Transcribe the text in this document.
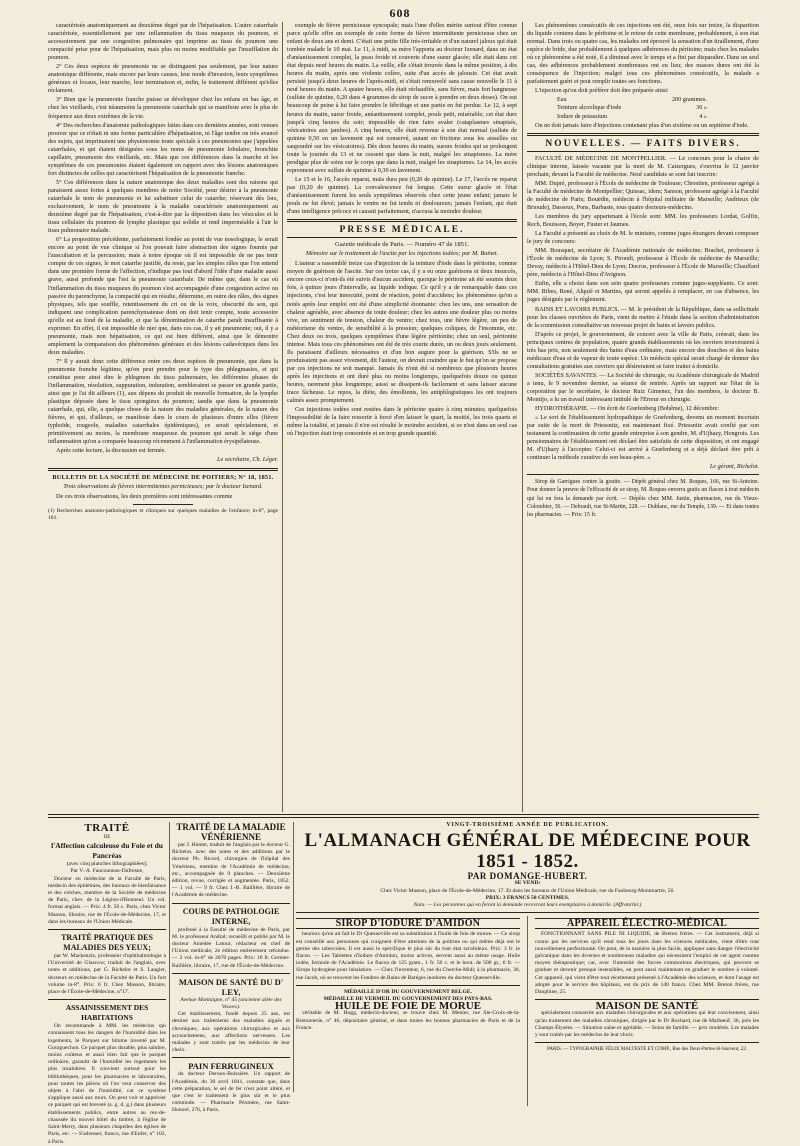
608

caractérisée anatomiquement au deuxième degré par de l'hépatisation. L'autre catarrhale caractérisée, essentiellement par une inflammation du tissu muqueux du poumon, et accessoirement par une congestion pulmonaire qui imprime au tissu du poumon une compacité prise pour de l'hépatisation, mais plus ou moins modifiable par l'insufflation du poumon.

2° Ces deux espèces de pneumonie ne se distinguent pas seulement, par leur nature anatomique différente, mais encore par leurs causes, leur mode d'invasion, leurs symptômes généraux et locaux, leur marche, leur terminaison et, enfin, le traitement différent qu'elles réclament.

3° Bien que la pneumonie franche puisse se développer chez les enfans en bas âge, et chez les vieillards, c'est néanmoins la pneumonie catarrhale qui se manifeste avec le plus de fréquence aux deux extrêmes de la vie.

4° Des recherches d'anatomie pathologiques faites dans ces dernières années, sont venues prouver que ce n'était ni une forme particulière d'hépatisation, ni l'âge tendre on très avancé des sujets, qui imprimaient une physionomie toute spéciale à ces pneumonies que j'appelées catarrhales, et qui étaient désignées sous les noms de pneumonie lobulaire, bronchite capillaire, pneumonie des vieillards, etc. Mais que ces différences dans la marche et les symptômes de ces pneumonies étaient également en rapport avec des lésions anatomiques fort distinctes de celles qui caractérisent l'hépatisation de la pneumonie franche.

5° Ces différences dans la nature anatomique des deux maladies sont des raisons qui paraissent assez fortes à quelques membres de notre Société, pour désirer à la pneumonie catarrhale le nom de pneumonie et lui substituer celui de catarrhe; réservant dès lors, exclusivement, le nom de pneumonie à la maladie caractérisée anatomiquement au deuxième degré par de l'hépatisation, c'est-à-dire par la déposition dans les vésicules et le tissu cellulaire du poumon de lymphe plastique qui solidie et rend imperméable à l'air le tissu pulmonaire malade.

6° La proposition précédente, parfaitement fondée au point de vue nosologique, le serait encore au point de vue clinique si l'on pouvait faire abstraction des signes fournis par l'auscultation et la percussion; mais à notre époque où il est impossible de ne pas tenir compte de ces signes, le mot catarrhe justifié, du reste, par les simples râles que l'on entend dans une première forme de l'affection, n'indique pas tout d'abord l'idée d'une maladie aussi grave, aussi profonde que l'est la pneumonie catarrhale. De même que, dans le cas où l'inflammation du tissu muqueux du poumon s'est accompagnée d'une congestion active ou passive du parenchyme, la compacité qui en résulte, détermine, en outre des râles, des signes physiques, tels que souffle, retentissement du cri ou de la voix, obscurité du son, qui indiquent une complication parenchymateuse dont on doit tenir compte, toute accessoire qu'elle est au fond de la maladie, et que la dénomination de catarrhe paraît insuffisante à exprimer. En effet, il est impossible de nier que, dans ces cas, il y ait pneumonie; oui, il y a pneumonie, mais non hépatisation, ce qui est bien différent, ainsi que le démontre amplement la comparaison des phénomènes généraux et des lésions cadavériques dans les deux maladies.

7° Il y aurait donc cette différence entre ces deux espèces de pneumonie, que dans la pneumonie franche légitime, qu'on peut prendre pour le type des phlegmasies, et qui constitue pour ainsi dire le phlegmon du tissu pulmonaire, les différentes phases de l'inflammation, résolution, suppuration, induration, sembleraient se passer en grande partie, ainsi que je l'ai dit ailleurs (1), aux dépens du produit de nouvelle formation, de la lymphe plastique déposée dans le tissu spongieux du poumon; tandis que dans la pneumonie catarrhale, qui, elle, a quelque chose de la nature des maladies générales, de la nature des fièvres, et qui, d'ailleurs, se manifeste dans le cours de plusieurs d'entre elles (fièvre typhoïde, rougeole, maladies catarrhales épidémiques), ce serait spécialement, et primitivement au moins, la membrane muqueuse du poumon qui serait le siège d'une inflammation qu'on a comparée beaucoup récemment à l'inflammation érysipélateuse.

Après cette lecture, la discussion est fermée.

Le secrétaire, Ch. Léger.
BULLETIN DE LA SOCIÉTÉ DE MÉDECINE DE POITIERS; N° 18, 1851.
Trois observations de fièvres intermittentes pernicieuses; par le docteur Izenard.

De ces trois observations, les deux premières sont intéressantes comme

(1) Recherches anatomo-pathologiques et cliniques sur quelques maladies de l'enfance; in-8°, page 181.

exemple de fièvre pernicieuse syncopale; mais l'une d'elles mérite surtout d'être connue parce qu'elle offre un exemple de cette forme de fièvre intermittente pernicieuse chez un enfant de deux ans et demi. C'était une petite fille très-irritable et d'un naturel jaloux qui était tombée malade le 10 mai. Le 11, à midi, sa mère l'apporta au docteur Izenard, dans un état d'anéantissement complet, la peau froide et couverte d'une sueur glacée; elle était dans cet état depuis neuf heures du matin. La veille, elle s'était trouvée dans la même position, à dix heures du matin, après une violente colère, suite d'un accès de jalousie. Cet état avait persisté jusqu'à deux heures de l'après-midi, et s'était renouvelé sans cause nouvelle le 11 à neuf heures du matin. A quatre heures, elle était réchauffée, sans fièvre, mais fort hargneuse (sulfate de quinine, 0,20 dans 4 grammes de sirop de sucre à prendre en deux doses). On eut beaucoup de peine à lui faire prendre le fébrifuge et une partie en fut perdue. Le 12, à sept heures du matin, sueur froide, anéantissement complet, pouls petit, misérable; cet état dure jusqu'à cinq heures du soir; impossible de rien faire avaler (cataplasmes sinapisés, vésicatoires aux jambes). A cinq heures, elle était revenue à son état normal (sulfate de quinine 0,50 en un lavement qui est conservé, autant en frictions sous les aisselles ou saupoudré sur les vésicatoires). Dès deux heures du matin, sueurs froides qui se prolongent toute la journée du 13 et ne cessent que dans la nuit, malgré les sinapismes. La mère prodigue plus de soins sur le corps que dans la nuit, malgré les sinapismes. Le 14, les accès reprennent avec sulfate de quinine à 0,30 en lavement.

Le 15 et le 16, l'accès reparut, mais dura peu (0,20 de quinine). Le 17, l'accès ne reparut pas (0,20 de quinine). La convalescence fut longue. Cette sueur glacée et l'état d'anéantissement furent les seuls symptômes observés chez cette jeune enfant; jamais le pouls ne fut élevé; jamais le ventre ne fut tendu ni douloureux; jamais l'enfant, qui était d'une intelligence précoce et causait parfaitement, n'accusa la moindre douleur.

PRESSE MÉDICALE.
Gazette médicale de Paris. — Numéro 47 de 1851.
Mémoire sur le traitement de l'ascite par les injections iodées; par M. Boinet.

L'auteur a rassemblé treize cas d'injection de la teinture d'iode dans le péritoine, comme moyen de guérison de l'ascite. Sur ces treize cas, il y a eu onze guérisons et deux insuccès, encore ceux-ci n'ont-ils été suivis d'aucun accident, quoique le péritoine ait été soumis deux fois, à quinze jours d'intervalle, au liquide iodique. Ce qu'il y a de remarquable dans ces injections, c'est leur innocuité, point de réaction, point d'accidens; les phénomènes qu'on a notés après leur emploi ont été d'une simplicité étonnante: chez les uns, une sensation de chaleur agréable, avec absence de toute douleur; chez les autres une douleur plus ou moins vive, un sentiment de tension, chaleur du ventre; chez tous, une fièvre légère, un peu de météorisme du ventre, de sensibilité à la pression; quelques coliques, de l'insomnie, etc. Chez deux ou trois, quelques symptômes d'une légère péritonite; chez un seul, péritonite intense. Mais tous ces phénomènes ont été de très courte durée, un ou deux jours seulement. Ils paraissent d'ailleurs nécessaires et d'un bon augure pour la guérison. S'ils ne se produisaient pas assez vivement, dit l'auteur, on devrait craindre que le but qu'on se propose par ces injections ne soit manqué. Jamais ils n'ont été si nombreux que plusieurs heures après les injections et ont duré plus ou moins longtemps, quelquefois douze ou quinze heures, rarement plus longtemps; aussi se dissipent-ils facilement et sans laisser aucune trace fâcheuse. Le repos, la diète, des émollients, les antiphlogistiques les ont toujours calmés assez promptement.

Ces injections iodées sont restées dans le péritoine quatre à cinq minutes; quelquefois l'impossibilité de la faire ressortir à forcé d'en laisser le quart, la moitié, les trois quarts et même la totalité, et jamais il n'en est résulté le moindre accident, si ce n'est dans un seul cas où l'injection était trop concentrée et en trop grande quantité.

Les phénomènes consécutifs de ces injections ont été, onze fois sur treize, la disparition du liquide contenu dans le péritoine et le retour de cette membrane, probablement, à son état normal. Dans trois ou quatre cas, les malades ont éprouvé la sensation d'un tiraillement, d'une espèce de bride, due probablement à quelques adhérences du péritoine; mais chez les malades où ce phénomène a été noté, il a diminué avec le temps et a fini par disparaître. Dans un seul cas, des adhérences probablement nombreuses ont eu lieu; des masses dures ont été la conséquence de l'injection; malgré tous ces phénomènes consécutifs, la malade a parfaitement guéri et peut remplir toutes ses fonctions.

L'injection qu'on doit préférer doit être préparée ainsi:

Eau	200 grammes.
Teinture alcoolique d'iode	30 »
Iodure de potassium	4 »

On ne doit jamais faire d'injections contenant plus d'un sixième ou un septième d'iode.

NOUVELLES. — FAITS DIVERS.

FACULTÉ DE MÉDECINE DE MONTPELLIER. — Le concours pour la chaire de clinique interne, laissée vacante par la mort de M. Caizergues, s'ouvrira le 12 janvier prochain, devant la Faculté de médecine. Neuf candidats se sont fait inscrire:

MM. Dupré, professeur à l'École de médecine de Toulouse; Chrestien, professeur agrégé à la Faculté de médecine de Montpellier; Quissac, idem; Sanson, professeur agrégé à la Faculté de médecine de Paris; Bouëdin, médecin à l'hôpital militaire de Marseille; Andrieux (de Brioude), Dassoux, Pons, Barbaste, tous quatre docteurs-médecins.

Les membres du jury appartenant à l'école sont: MM. les professeurs Lordat, Golfin, Rech, Bouisson, Boyer, Fuster et Jaumes.

La Faculté a présenté au choix de M. le ministre, comme juges étrangers devant composer le jury de concours:

MM. Bousquet, secrétaire de l'Académie nationale de médecine; Brachet, professeur à l'École de médecine de Lyon; S. Pirondi, professeur à l'École de médecine de Marseille; Devay, médecin à l'Hôtel-Dieu de Lyon; Ducros, professeur à l'École de Marseille; Chauffard père, médecin à l'Hôtel-Dieu d'Avignon.

Enfin, elle a choisi dans son sein quatre professeurs comme juges-suppléants. Ce sont: MM. Ribes, René, Alquié et Martins, qui seront appelés à remplacer, en cas d'absence, les juges désignés par le règlement.

BAINS ET LAVOIRS PUBLICS. — M. le président de la République, dans sa sollicitude pour les classes ouvrières de Paris, vient de mettre à l'étude dans la section d'administration de la commission consultative un nouveau projet de bains et lavoirs publics.

D'après ce projet, le gouvernement, de concert avec la ville de Paris, créerait, dans les principaux centres de population, quatre grands établissements où les ouvriers trouveraient à très bas prix, non seulement des bains d'eau ordinaire, mais encore des douches et des bains médicaux d'eau et de vapeur de toute espèce. Un médecin spécial serait chargé de donner des consultations gratuites aux ouvriers qui désireraient se faire traiter à domicile.

SOCIÉTÉS SAVANTES. — La Société de chirurgie, ou Académie chirurgicale de Madrid a tenu, le 9 novembre dernier, sa séance de rentrée. Après un rapport sur l'état de la corporation par le secrétaire, le docteur Ruiz Gimenez, l'un des membres, le docteur B. Montijo, a lu un travail intéressant intitulé de l'Erreur en chirurgie.

HYDROTHÉRAPIE. — On écrit de Græfenberg (Bohême), 12 décembre:

« Le sort de l'établissement hydropathique de Græfenberg, devenu un moment incertain par suite de la mort de Priessnitz, est maintenant fixé. Priessnitz avait confié par son testament la continuation de cette grande entreprise à son gendre, M. d'Ujhazy, Hongrois. Les pensionnaires de l'établissement ont déclaré être satisfaits de cette disposition, et ont engagé M. d'Ujhazy à l'accepter. Celui-ci est arrivé à Græfenberg et a déjà déclaré être prêt à continuer la méthode curative de son beau-père. »

Le gérant, Richelot.

Sirop de Garrigues contre la goutte. — Dépôt général chez M. Roques, 166, rue St-Antoine. Pour donner la preuve de l'efficacité de ce sirop, M. Roques enverra gratis un flacon à tout médecin qui lui en fera la demande par écrit. — Dépôts chez MM. Justin, pharmacien, rue du Vieux-Colombier, 36. — Debrault, rue St-Martin, 228. — Dublanc, rue du Temple, 139. — Et dans toutes les pharmacies. — Prix: 15 fr.

TRAITÉ
DE
l'Affection calculeuse du Foie et du Pancréas
(avec cinq planches lithographiées);
Par V.-A. Fauconneau-Dufresne,

Docteur en médecine de la Faculté de Paris, médecin des épidémies, des bureaux de bienfaisance et des crèches, membre de la Société de médecine de Paris, chev. de la Légion-d'Honneur. Un vol. format anglais. — Prix: 4 fr. 50 c. Paris, chez Victor Masson, libraire, rue de l'École-de-Médecine, 17, et dans les bureaux de l'Union Médicale.

TRAITÉ PRATIQUE DES MALADIES DES YEUX;

par W. Mackenzie, professeur d'ophthalmologie à l'Université de Glascow; traduit de l'anglais, avec notes et additions, par G. Richelot et S. Laugier, docteurs en médecine de la Faculté de Paris. Un fort volume in-8°. Prix: 6 fr. Chez Masson, libraire, place de l'École-de-Médecine, n°17.

ASSAINISSEMENT DES HABITATIONS

On recommande à MM. les médecins qui connaissent tous les dangers de l'humidité dans les logements, le Parquet sur bitume inventé par M. Gourguechon. Ce parquet plus durable, plus salubre, moins coûteux et aussi bien fait que le parquet ordinaire, garantit de l'humidité les logements les plus insalubres. Il convient surtout pour les bibliothèques, pour les pharmacies et laboratoires, pour toutes les pièces où l'on veut conserver des objets à l'abri de l'humidité, car ce système s'applique aussi aux murs. On peut voir et apprécier ce parquet qui est breveté (s. g. d. g.) dans plusieurs établissements publics, entre autres au rez-de-chaussée du nouvel hôtel du timbre, à l'église de Saint-Merry, dans plusieurs chapelles des églises de Paris, etc. — S'adresser, franco, rue d'Enfer, n° 102, à Paris.

TRAITÉ DE LA MALADIE VÉNÉRIENNE

par J. Hunter, traduit de l'anglais par le docteur G. Richelot, avec des notes et des additions par le docteur Ph. Ricord, chirurgien de l'hôpital des Vénériens, membre de l'Académie de médecine, etc., accompagnée de 9 planches. — Deuxième édition, revue, corrigée et augmentée. Paris, 1852. — 1 vol. — 9 fr. Chez J.-B. Baillière, libraire de l'Académie de médecine.

COURS DE PATHOLOGIE INTERNE,

professé à la Faculté de médecine de Paris, par M. le professeur Andral; recueilli et publié par M. le docteur Amédée Latour, rédacteur en chef de l'Union médicale; 2e édition entièrement refondue. — 3 vol. in-8° de 2076 pages. Prix: 18 fr. Germer-Baillière, libraire, 17, rue de l'École-de-Médecine.

MAISON DE SANTÉ DU D' LEY,
Avenue Montaigne, n° 45 (ancienne allée des Veuves).

Cet établissement, fondé depuis 25 ans, est destiné aux traitements des maladies aiguës et chroniques, aux opérations chirurgicales et aux accouchemens, aux affections nerveuses. Les malades y sont traités par les médecins de leur choix.

PAIN FERRUGINEUX

du docteur Deroux-Boissière. Un rapport de l'Académie, du 30 avril 1841, constate que, dans cette préparation, le sel de fer n'est point altéré, et que c'est le traitement le plus sûr et le plus commode. — Pharmacie Péxmère, rue Saint-Honoré, 276, à Paris.

VINGT-TROISIÈME ANNÉE DE PUBLICATION.
L'ALMANACH GÉNÉRAL DE MÉDECINE POUR 1851 - 1852.
PAR DOMANGE-HUBERT.
SE VEND:
Chez Victor Masson, place de l'École-de-Médecine, 17. Et dans les bureaux de l'Union Médicale, rue du Faubourg-Montmartre, 56.
PRIX: 3 FRANCS 50 CENTIMES.
Nota. — Les personnes qui en feront la demande recevront leurs exemplaires à domicile. (Affranchir.)
SIROP D'IODURE D'AMIDON

heureux qu'en ait fait le Dr Quesneville est sa substitution à l'huile de foie de morue. — Ce sirop est conseillé aux personnes qui craignent d'être atteintes de la poitrine ou qui même déjà ont le germe des tubercules. Il est aussi le spécifique le plus sûr du tout état scrofuleux. Prix: 3 fr. le flacon. — Les Tablettes d'Iodure d'Amidon, moins actives, servent aussi au même usage. Huile iodée, formule de l'Académie. Le flacon de 125 gram., 1 fr. 50 c. et le bout. de 500 gr., 6 fr. — Sirops hydrogène pour inhalation. — Chez l'inventeur, 6, rue du Cherche-Midi; à la pharmacie, 30, rue Jacob, où se trouvent les Fondres de Bains de Baréges inodores du docteur Quesneville.

MÉDAILLE D'OR DU GOUVERNEMENT BELGE.
MÉDAILLE DE VERMEIL DU GOUVERNEMENT DES PAYS-BAS.
HUILE DE FOIE DE MORUE

véritable de M. Hogg, médecin-docteur, se trouve chez M. Menier, rue Ste-Croix-de-la-Bretonnerie, n° 46, dépositaire général, et dans toutes les bonnes pharmacies de Paris et de la France.

APPAREIL ÉLECTRO-MÉDICAL

FONCTIONNANT SANS PILE NI LIQUIDE, de Breton frères. — Cet instrument, déjà si connu par les services qu'il rend tous les jours dans les sciences médicales, vient d'être tout nouvellement perfectionné. On peut, de la manière la plus facile, appliquer sans danger l'électricité galvanique dans les diverses et nombreuses maladies qui nécessitent l'emploi de cet agent comme moyen thérapeutique; car, avec l'intensité des forces commotions électriques, qui peuvent se graduer et devenir presque insensibles, on peut aussi maintenant en graduer le nombre à volonté. Cet appareil, qui vient d'être tout récemment présenté à l'Académie des sciences, et dont l'usage est adopté pour le service des hôpitaux, est du prix de 140 francs. Chez MM. Breton frères, rue Dauphine, 25.

MAISON DE SANTÉ

spécialement consacrée aux maladies chirurgicales et aux opérations qui leur conviennent, ainsi qu'au traitement des maladies chroniques, dirigée par le Dr Rochard, rue de Marbœuf, 36, près les Champs-Élysées. — Situation saine et agréable. — Soins de famille. — prix modérés. Les malades y sont traités par les médecins de leur choix.

PARIS. — TYPOGRAPHIE FÉLIX MALTESTE ET COMP., Rue des Deux-Portes-St-Sauveur, 22.
